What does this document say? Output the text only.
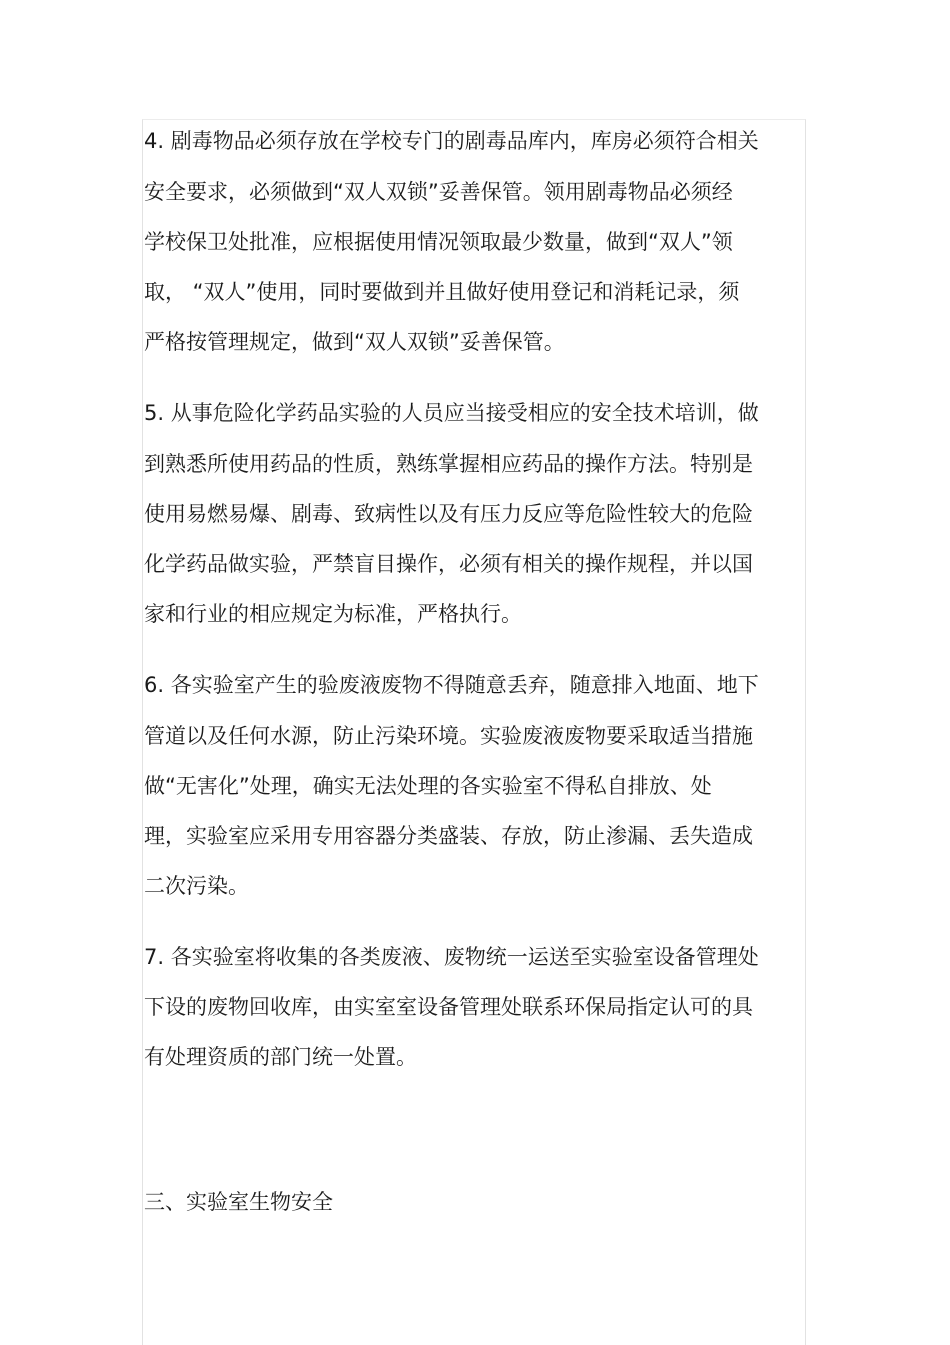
4. 剧毒物品必须存放在学校专门的剧毒品库内，库房必须符合相关

安全要求，必须做到“双人双锁”妥善保管。领用剧毒物品必须经

学校保卫处批准，应根据使用情况领取最少数量，做到“双人”领

取， “双人”使用，同时要做到并且做好使用登记和消耗记录，须

严格按管理规定，做到“双人双锁”妥善保管。

5. 从事危险化学药品实验的人员应当接受相应的安全技术培训，做

到熟悉所使用药品的性质，熟练掌握相应药品的操作方法。特别是

使用易燃易爆、剧毒、致病性以及有压力反应等危险性较大的危险

化学药品做实验，严禁盲目操作，必须有相关的操作规程，并以国

家和行业的相应规定为标准，严格执行。

6. 各实验室产生的验废液废物不得随意丢弃，随意排入地面、地下

管道以及任何水源，防止污染环境。实验废液废物要采取适当措施

做“无害化”处理，确实无法处理的各实验室不得私自排放、处

理，实验室应采用专用容器分类盛装、存放，防止渗漏、丢失造成

二次污染。

7. 各实验室将收集的各类废液、废物统一运送至实验室设备管理处

下设的废物回收库，由实室室设备管理处联系环保局指定认可的具

有处理资质的部门统一处置。

三、实验室生物安全
